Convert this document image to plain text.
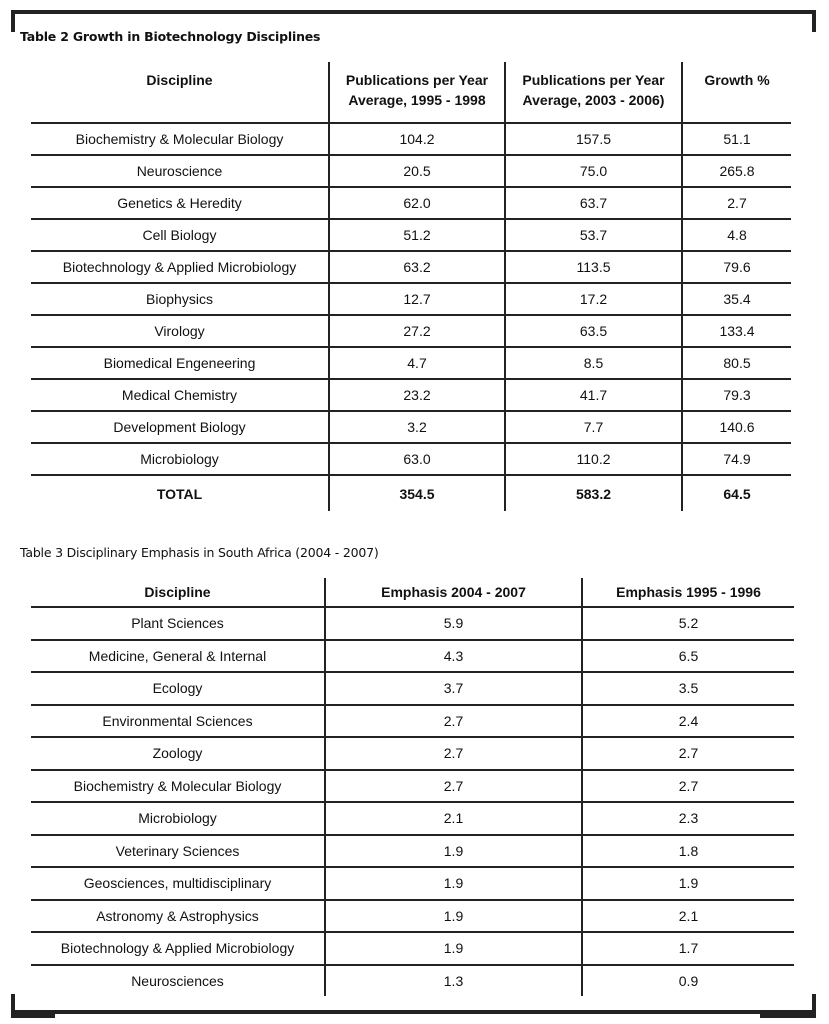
Table 2 Growth in Biotechnology Disciplines
Discipline	Publications per Year Average, 1995 - 1998	Publications per Year Average, 2003 - 2006)	Growth %
Biochemistry & Molecular Biology	104.2	157.5	51.1
Neuroscience	20.5	75.0	265.8
Genetics & Heredity	62.0	63.7	2.7
Cell Biology	51.2	53.7	4.8
Biotechnology & Applied Microbiology	63.2	113.5	79.6
Biophysics	12.7	17.2	35.4
Virology	27.2	63.5	133.4
Biomedical Engeneering	4.7	8.5	80.5
Medical Chemistry	23.2	41.7	79.3
Development Biology	3.2	7.7	140.6
Microbiology	63.0	110.2	74.9
TOTAL	354.5	583.2	64.5
Table 3 Disciplinary Emphasis in South Africa (2004 - 2007)
Discipline	Emphasis 2004 - 2007	Emphasis 1995 - 1996
Plant Sciences	5.9	5.2
Medicine, General & Internal	4.3	6.5
Ecology	3.7	3.5
Environmental Sciences	2.7	2.4
Zoology	2.7	2.7
Biochemistry & Molecular Biology	2.7	2.7
Microbiology	2.1	2.3
Veterinary Sciences	1.9	1.8
Geosciences, multidisciplinary	1.9	1.9
Astronomy & Astrophysics	1.9	2.1
Biotechnology & Applied Microbiology	1.9	1.7
Neurosciences	1.3	0.9
